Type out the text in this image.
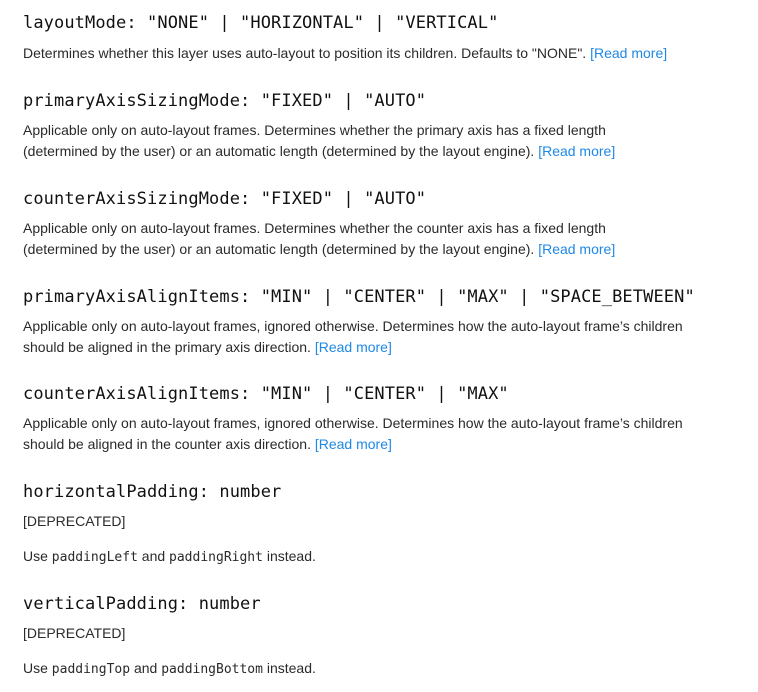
layoutMode: "NONE" | "HORIZONTAL" | "VERTICAL"

Determines whether this layer uses auto-layout to position its children. Defaults to "NONE". [Read more]

primaryAxisSizingMode: "FIXED" | "AUTO"

Applicable only on auto-layout frames. Determines whether the primary axis has a fixed length (determined by the user) or an automatic length (determined by the layout engine). [Read more]

counterAxisSizingMode: "FIXED" | "AUTO"

Applicable only on auto-layout frames. Determines whether the counter axis has a fixed length (determined by the user) or an automatic length (determined by the layout engine). [Read more]

primaryAxisAlignItems: "MIN" | "CENTER" | "MAX" | "SPACE_BETWEEN"

Applicable only on auto-layout frames, ignored otherwise. Determines how the auto-layout frame’s children should be aligned in the primary axis direction. [Read more]

counterAxisAlignItems: "MIN" | "CENTER" | "MAX"

Applicable only on auto-layout frames, ignored otherwise. Determines how the auto-layout frame’s children should be aligned in the counter axis direction. [Read more]

horizontalPadding: number

[DEPRECATED]

Use paddingLeft and paddingRight instead.

verticalPadding: number

[DEPRECATED]

Use paddingTop and paddingBottom instead.
